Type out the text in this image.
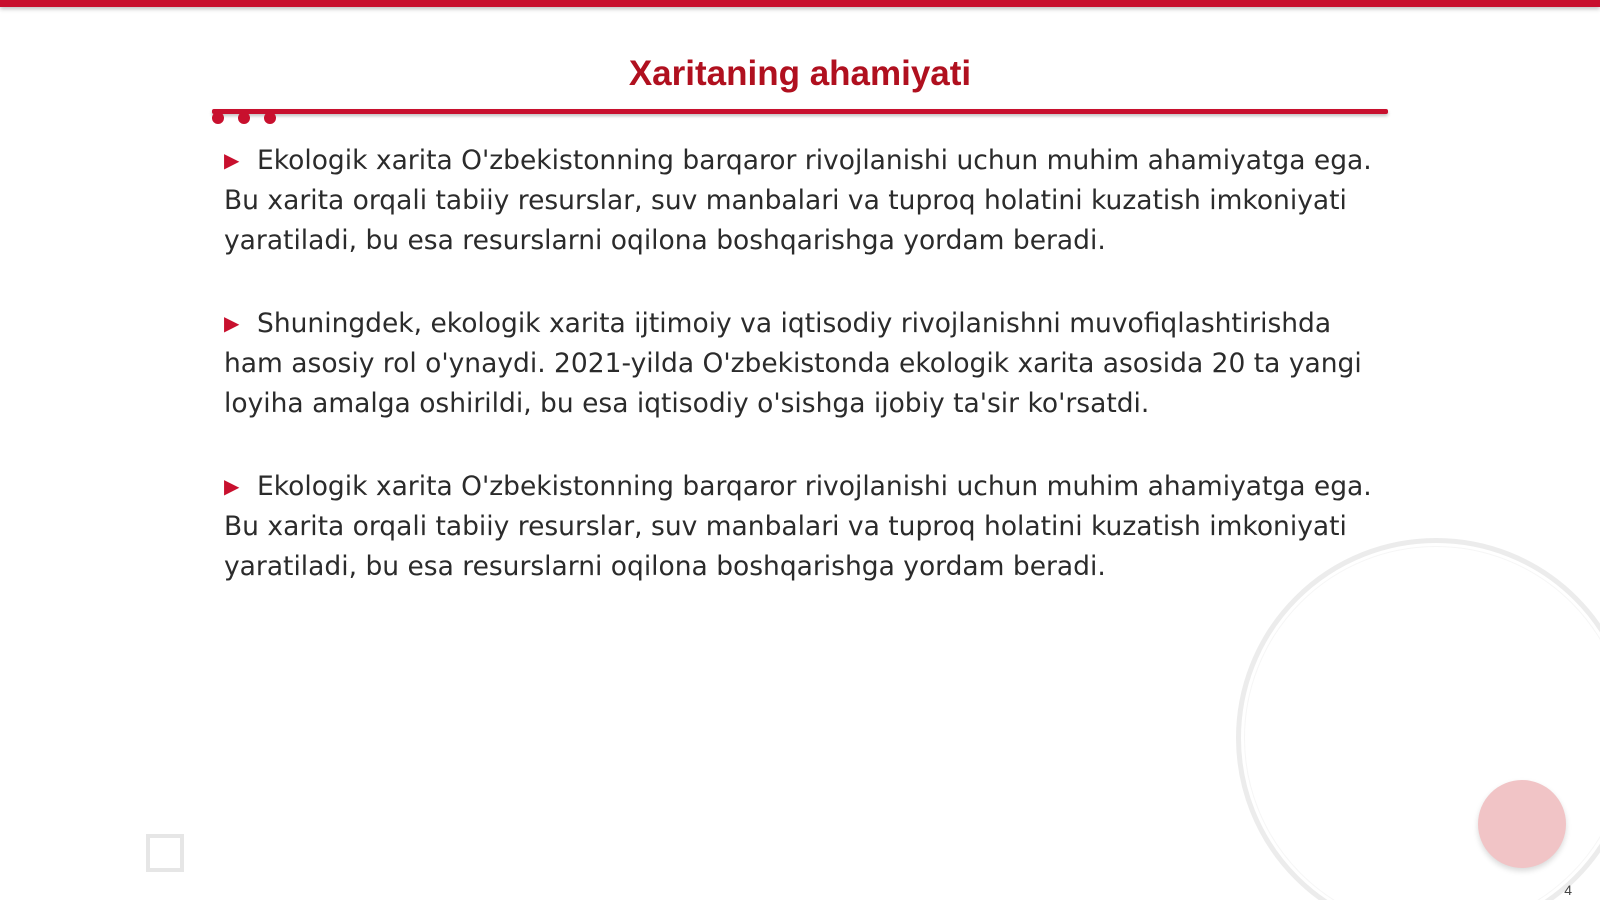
Xaritaning ahamiyati

▶ Ekologik xarita O'zbekistonning barqaror rivojlanishi uchun muhim ahamiyatga ega. Bu xarita orqali tabiiy resurslar, suv manbalari va tuproq holatini kuzatish imkoniyati yaratiladi, bu esa resurslarni oqilona boshqarishga yordam beradi.

▶ Shuningdek, ekologik xarita ijtimoiy va iqtisodiy rivojlanishni muvofiqlashtirishda ham asosiy rol o'ynaydi. 2021-yilda O'zbekistonda ekologik xarita asosida 20 ta yangi loyiha amalga oshirildi, bu esa iqtisodiy o'sishga ijobiy ta'sir ko'rsatdi.

▶ Ekologik xarita O'zbekistonning barqaror rivojlanishi uchun muhim ahamiyatga ega. Bu xarita orqali tabiiy resurslar, suv manbalari va tuproq holatini kuzatish imkoniyati yaratiladi, bu esa resurslarni oqilona boshqarishga yordam beradi.

4
